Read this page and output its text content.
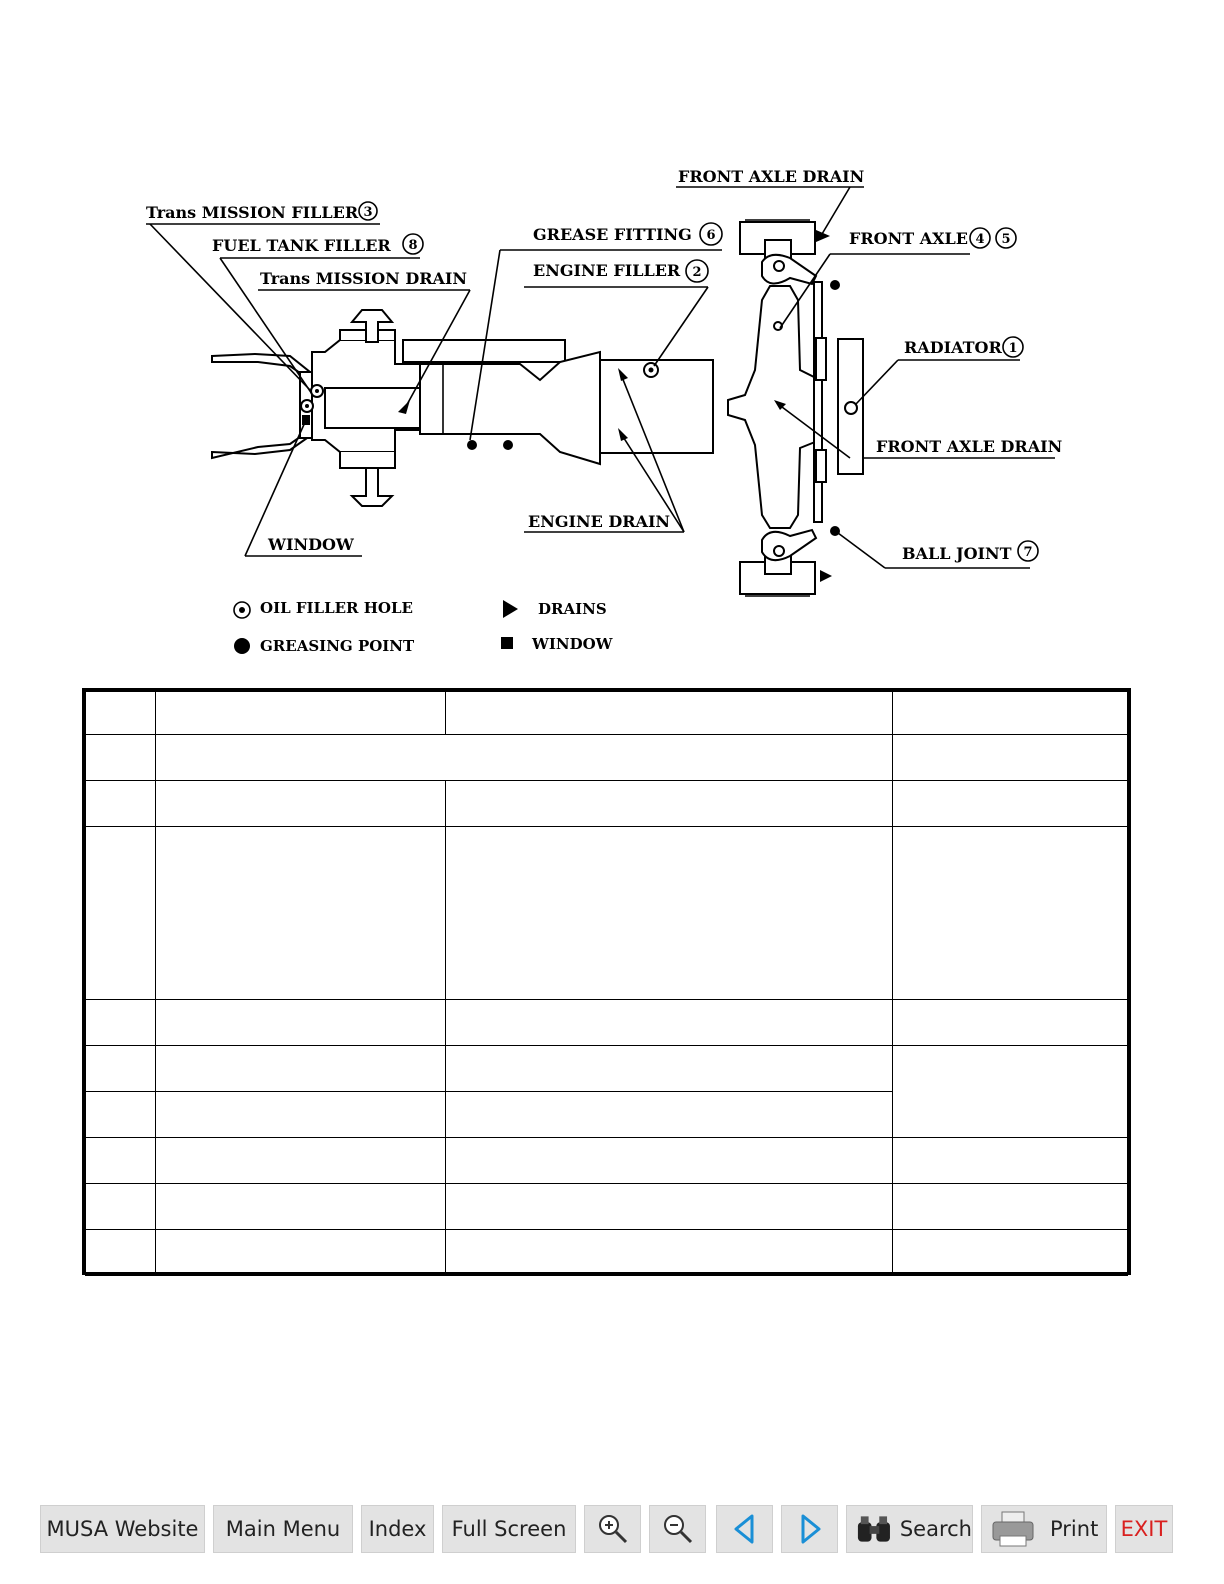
Trans MISSION FILLER 3
FUEL TANK FILLER 8
Trans MISSION DRAIN
GREASE FITTING 6
ENGINE FILLER 2
FRONT AXLE DRAIN
FRONT AXLE 4 5
RADIATOR 1
FRONT AXLE DRAIN
BALL JOINT 7
ENGINE DRAIN
WINDOW
OIL FILLER HOLE
GREASING POINT
DRAINS
WINDOW

MUSA Website	Main Menu	Index	Full Screen	Search	Print EXIT
